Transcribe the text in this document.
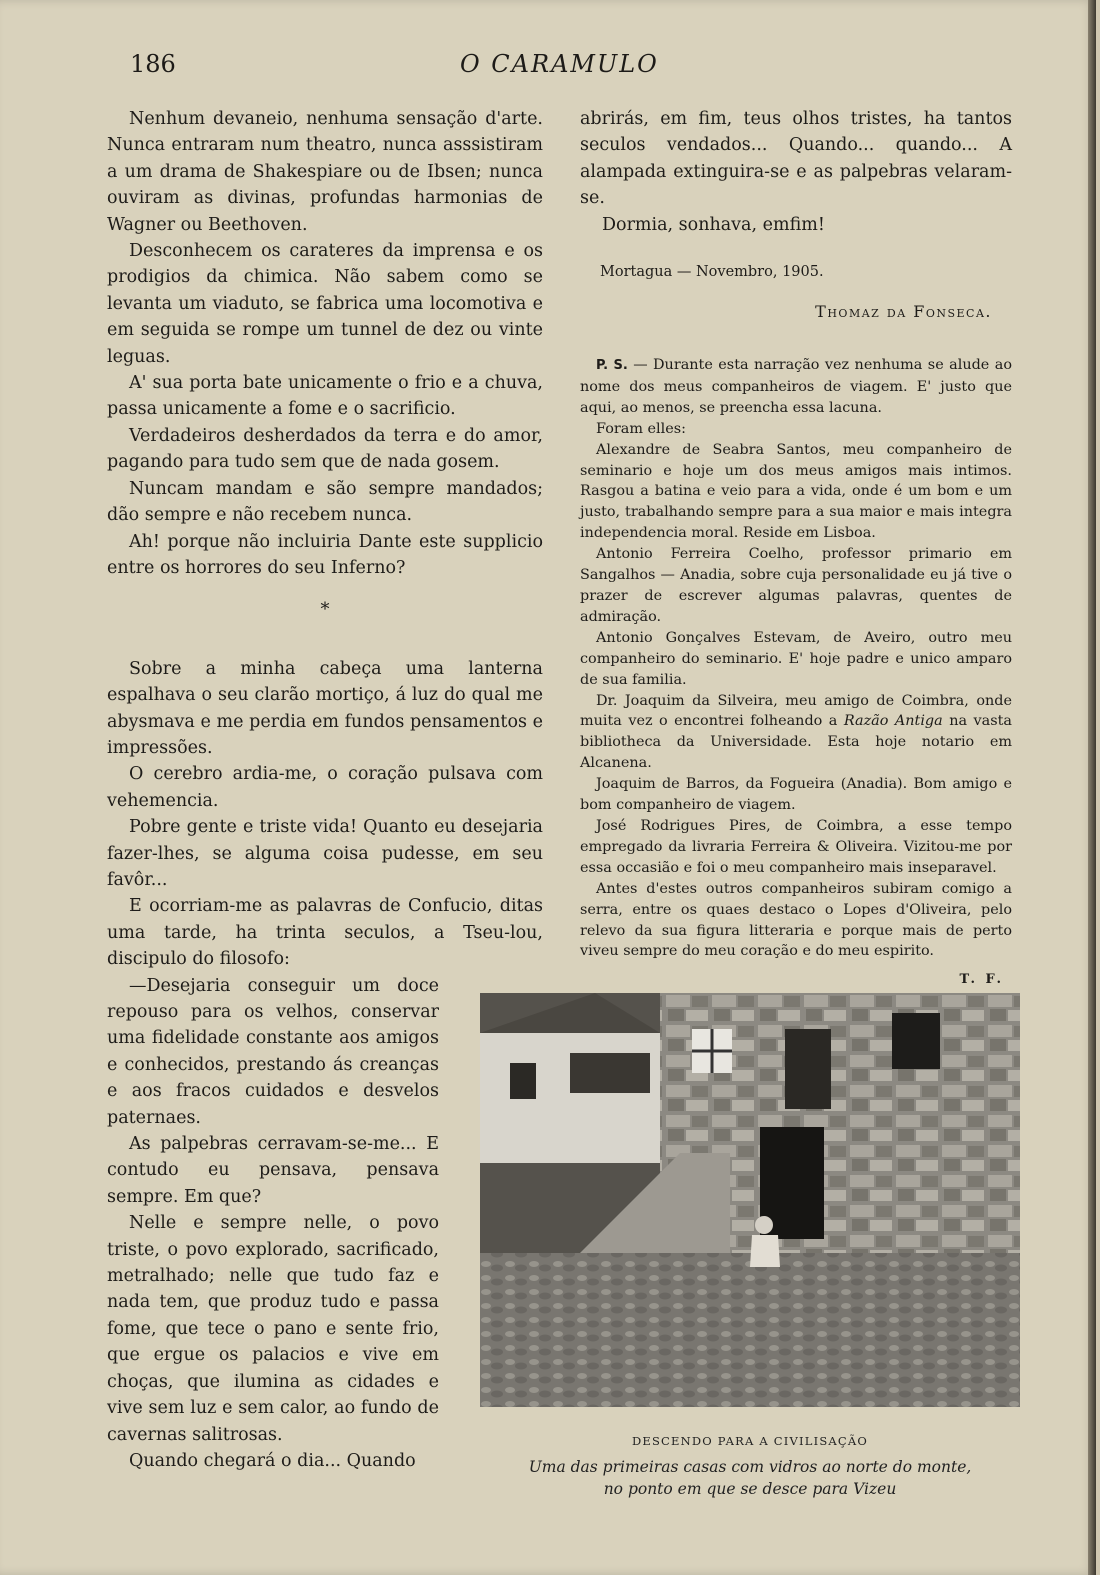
186	O CARAMULO

Nenhum devaneio, nenhuma sensação d'arte. Nunca entraram num theatro, nunca asssistiram a um drama de Shakespiare ou de Ibsen; nunca ouviram as divinas, profundas harmonias de Wagner ou Beethoven.

Desconhecem os carateres da imprensa e os prodigios da chimica. Não sabem como se levanta um viaduto, se fabrica uma locomotiva e em seguida se rompe um tunnel de dez ou vinte leguas.

A' sua porta bate unicamente o frio e a chuva, passa unicamente a fome e o sacrificio.

Verdadeiros desherdados da terra e do amor, pagando para tudo sem que de nada gosem.

Nuncam mandam e são sempre mandados; dão sempre e não recebem nunca.

Ah! porque não incluiria Dante este supplicio entre os horrores do seu Inferno?

*

Sobre a minha cabeça uma lanterna espalhava o seu clarão mortiço, á luz do qual me abysmava e me perdia em fundos pensamentos e impressões.

O cerebro ardia-me, o coração pulsava com vehemencia.

Pobre gente e triste vida! Quanto eu desejaria fazer-lhes, se alguma coisa pudesse, em seu favôr...

E ocorriam-me as palavras de Confucio, ditas uma tarde, ha trinta seculos, a Tseu-lou, discipulo do filosofo:

—Desejaria conseguir um doce repouso para os velhos, conservar uma fidelidade constante aos amigos e conhecidos, prestando ás creanças e aos fracos cuidados e desvelos paternaes.

As palpebras cerravam-se-me... E contudo eu pensava, pensava sempre. Em que?

Nelle e sempre nelle, o povo triste, o povo explorado, sacrificado, metralhado; nelle que tudo faz e nada tem, que produz tudo e passa fome, que tece o pano e sente frio, que ergue os palacios e vive em choças, que ilumina as cidades e vive sem luz e sem calor, ao fundo de cavernas salitrosas.

Quando chegará o dia... Quando

abrirás, em fim, teus olhos tristes, ha tantos seculos vendados... Quando... quando... A alampada extinguira-se e as palpebras velaram-se.

Dormia, sonhava, emfim!

Mortagua — Novembro, 1905.
Thomaz da Fonseca.

P. S. — Durante esta narração vez nenhuma se alude ao nome dos meus companheiros de viagem. E' justo que aqui, ao menos, se preencha essa lacuna.

Foram elles:

Alexandre de Seabra Santos, meu companheiro de seminario e hoje um dos meus amigos mais intimos. Rasgou a batina e veio para a vida, onde é um bom e um justo, trabalhando sempre para a sua maior e mais integra independencia moral. Reside em Lisboa.

Antonio Ferreira Coelho, professor primario em Sangalhos — Anadia, sobre cuja personalidade eu já tive o prazer de escrever algumas palavras, quentes de admiração.

Antonio Gonçalves Estevam, de Aveiro, outro meu companheiro do seminario. E' hoje padre e unico amparo de sua familia.

Dr. Joaquim da Silveira, meu amigo de Coimbra, onde muita vez o encontrei folheando a Razão Antiga na vasta bibliotheca da Universidade. Esta hoje notario em Alcanena.

Joaquim de Barros, da Fogueira (Anadia). Bom amigo e bom companheiro de viagem.

José Rodrigues Pires, de Coimbra, a esse tempo empregado da livraria Ferreira & Oliveira. Vizitou-me por essa occasião e foi o meu companheiro mais inseparavel.

Antes d'estes outros companheiros subiram comigo a serra, entre os quaes destaco o Lopes d'Oliveira, pelo relevo da sua figura litteraria e porque mais de perto viveu sempre do meu coração e do meu espirito.

T. F.
DESCENDO PARA A CIVILISAÇÃO
Uma das primeiras casas com vidros ao norte do monte,
no ponto em que se desce para Vizeu
